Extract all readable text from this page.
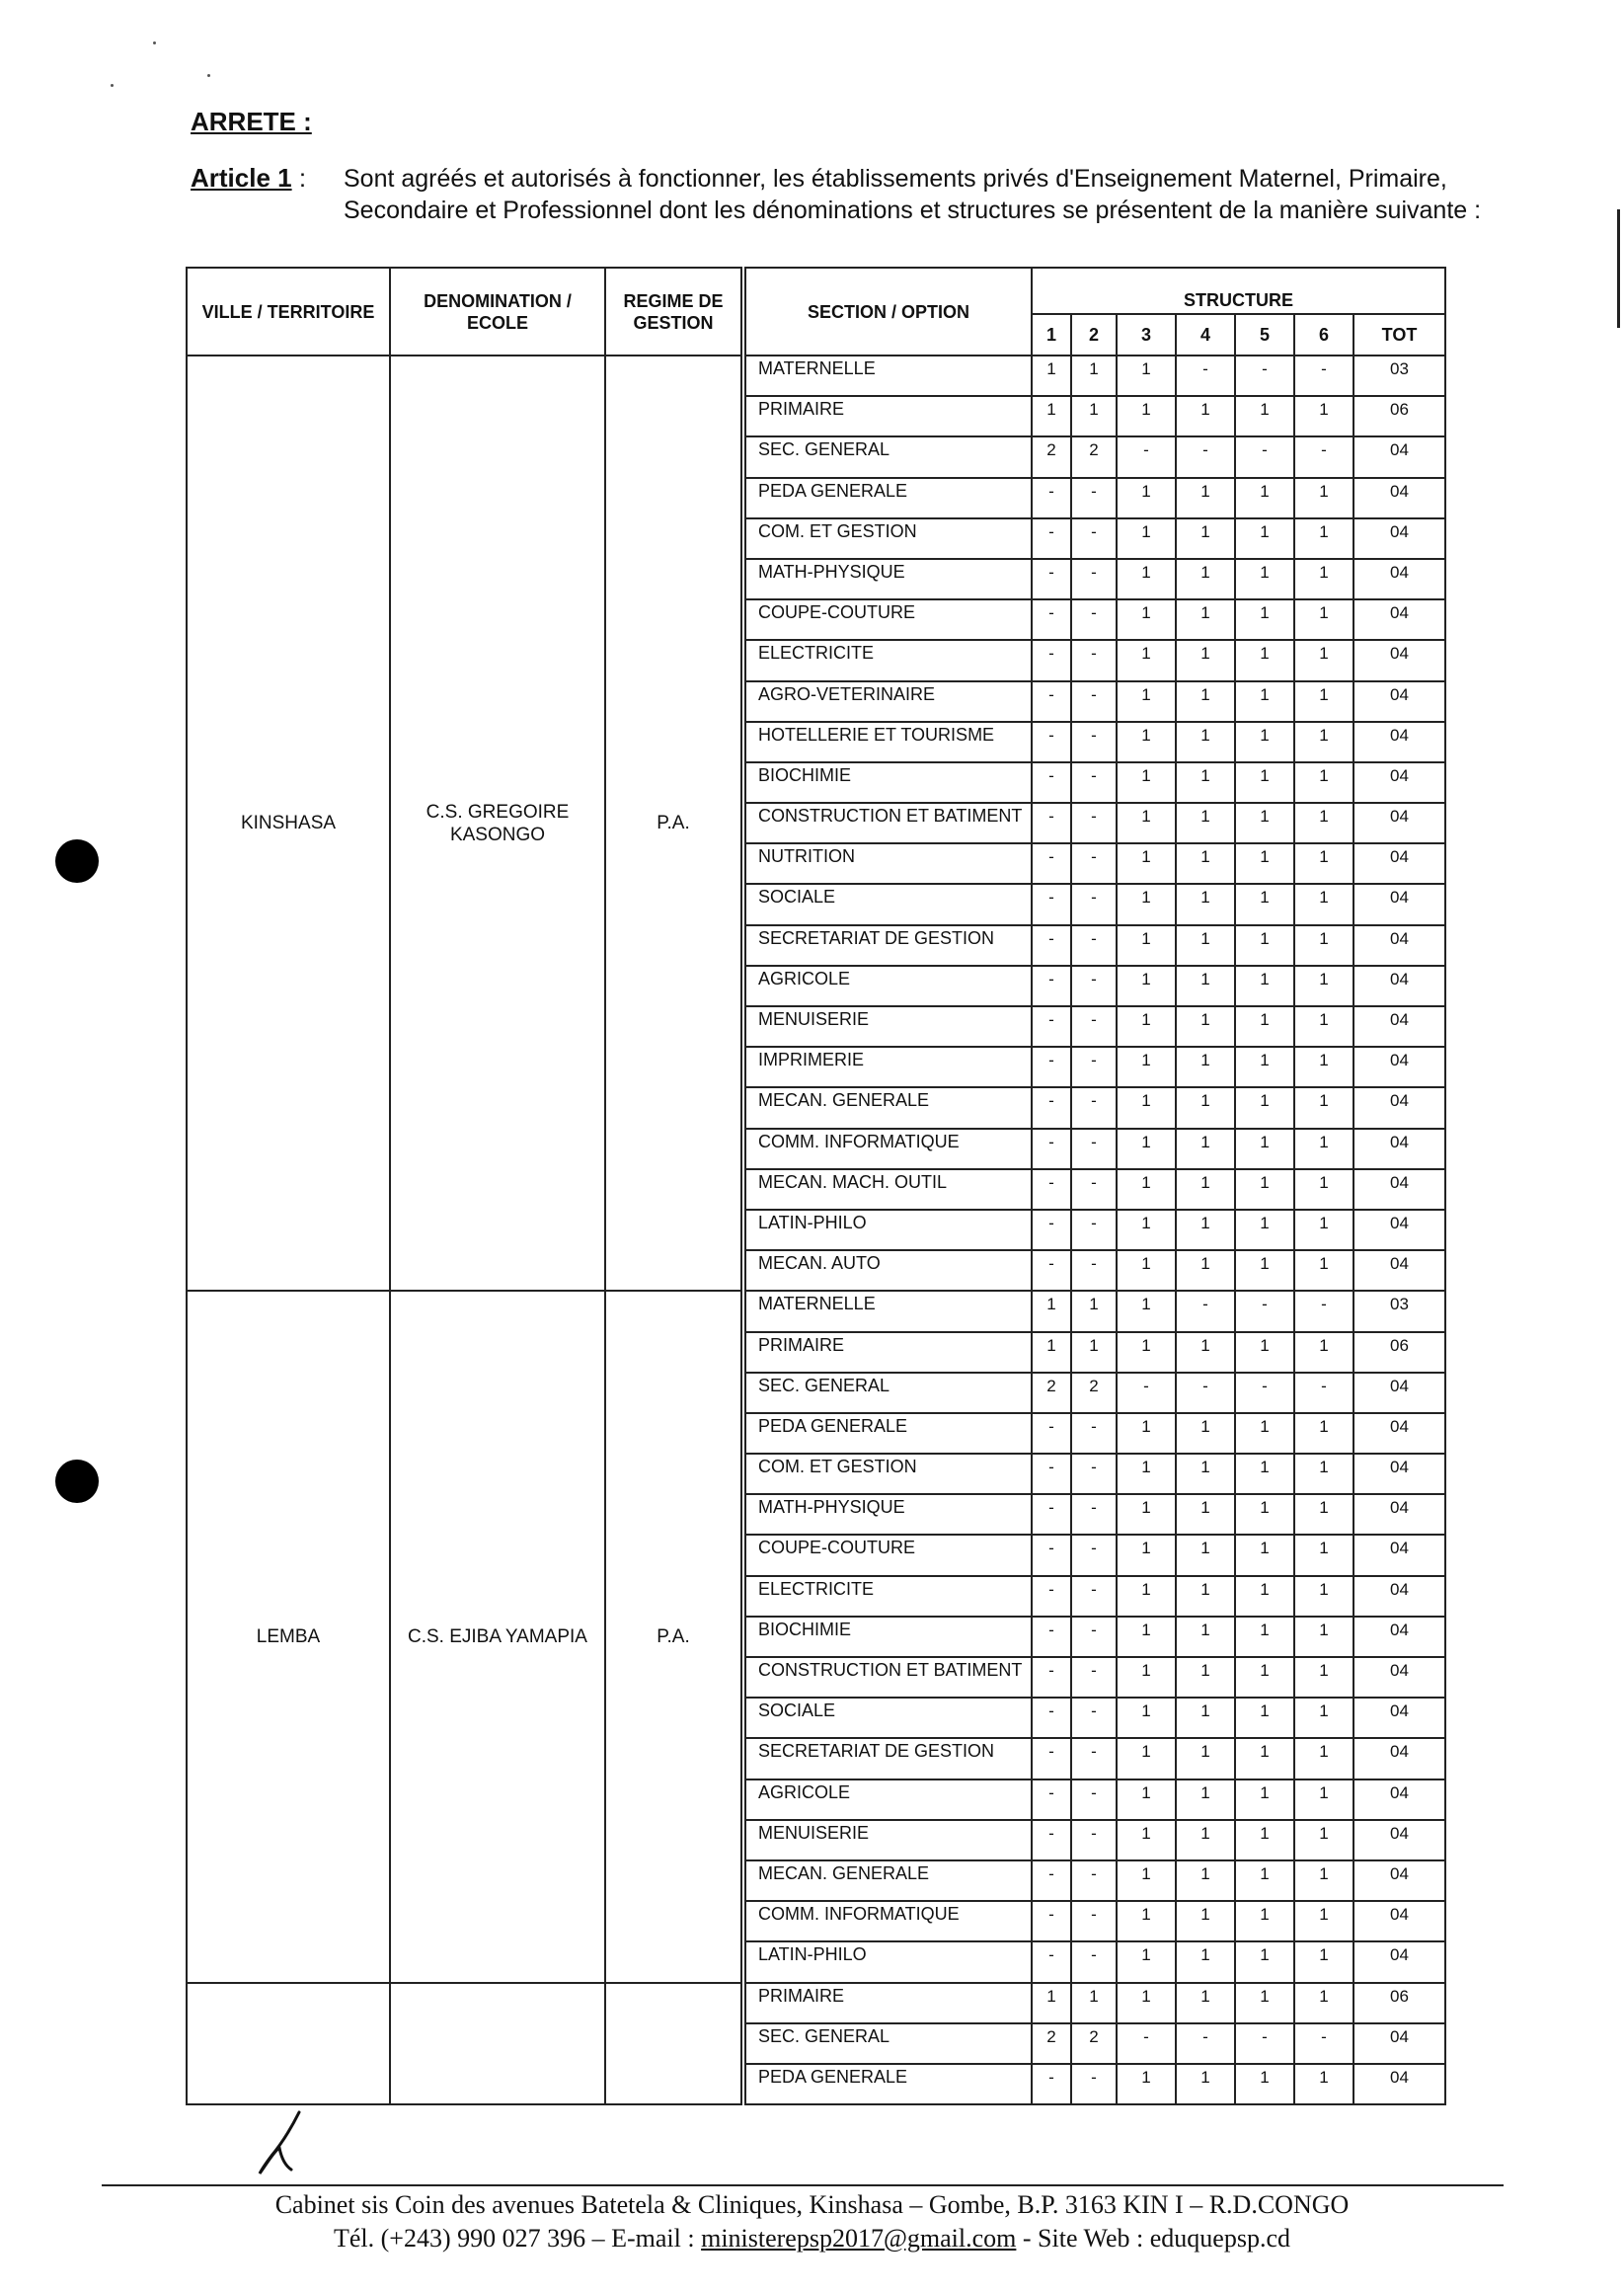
ARRETE :
Article 1 : Sont agréés et autorisés à fonctionner, les établissements privés d'Enseignement Maternel, Primaire, Secondaire et Professionnel dont les dénominations et structures se présentent de la manière suivante :
VILLE / TERRITOIRE	DENOMINATION / ECOLE	REGIME DE GESTION		SECTION / OPTION	STRUCTURE						
					1	2	3	4	5	6	TOT
KINSHASA	C.S. GREGOIRE KASONGO	P.A.		MATERNELLE	1	1	1	-	-	-	03
				PRIMAIRE	1	1	1	1	1	1	06
				SEC. GENERAL	2	2	-	-	-	-	04
				PEDA GENERALE	-	-	1	1	1	1	04
				COM. ET GESTION	-	-	1	1	1	1	04
				MATH-PHYSIQUE	-	-	1	1	1	1	04
				COUPE-COUTURE	-	-	1	1	1	1	04
				ELECTRICITE	-	-	1	1	1	1	04
				AGRO-VETERINAIRE	-	-	1	1	1	1	04
				HOTELLERIE ET TOURISME	-	-	1	1	1	1	04
				BIOCHIMIE	-	-	1	1	1	1	04
				CONSTRUCTION ET BATIMENT	-	-	1	1	1	1	04
				NUTRITION	-	-	1	1	1	1	04
				SOCIALE	-	-	1	1	1	1	04
				SECRETARIAT DE GESTION	-	-	1	1	1	1	04
				AGRICOLE	-	-	1	1	1	1	04
				MENUISERIE	-	-	1	1	1	1	04
				IMPRIMERIE	-	-	1	1	1	1	04
				MECAN. GENERALE	-	-	1	1	1	1	04
				COMM. INFORMATIQUE	-	-	1	1	1	1	04
				MECAN. MACH. OUTIL	-	-	1	1	1	1	04
				LATIN-PHILO	-	-	1	1	1	1	04
				MECAN. AUTO	-	-	1	1	1	1	04
LEMBA	C.S. EJIBA YAMAPIA	P.A.		MATERNELLE	1	1	1	-	-	-	03
				PRIMAIRE	1	1	1	1	1	1	06
				SEC. GENERAL	2	2	-	-	-	-	04
				PEDA GENERALE	-	-	1	1	1	1	04
				COM. ET GESTION	-	-	1	1	1	1	04
				MATH-PHYSIQUE	-	-	1	1	1	1	04
				COUPE-COUTURE	-	-	1	1	1	1	04
				ELECTRICITE	-	-	1	1	1	1	04
				BIOCHIMIE	-	-	1	1	1	1	04
				CONSTRUCTION ET BATIMENT	-	-	1	1	1	1	04
				SOCIALE	-	-	1	1	1	1	04
				SECRETARIAT DE GESTION	-	-	1	1	1	1	04
				AGRICOLE	-	-	1	1	1	1	04
				MENUISERIE	-	-	1	1	1	1	04
				MECAN. GENERALE	-	-	1	1	1	1	04
				COMM. INFORMATIQUE	-	-	1	1	1	1	04
				LATIN-PHILO	-	-	1	1	1	1	04
				PRIMAIRE	1	1	1	1	1	1	06
				SEC. GENERAL	2	2	-	-	-	-	04
				PEDA GENERALE	-	-	1	1	1	1	04
Cabinet sis Coin des avenues Batetela & Cliniques, Kinshasa – Gombe, B.P. 3163 KIN I – R.D.CONGO
Tél. (+243) 990 027 396 – E-mail : ministerepsp2017@gmail.com - Site Web : eduquepsp.cd
